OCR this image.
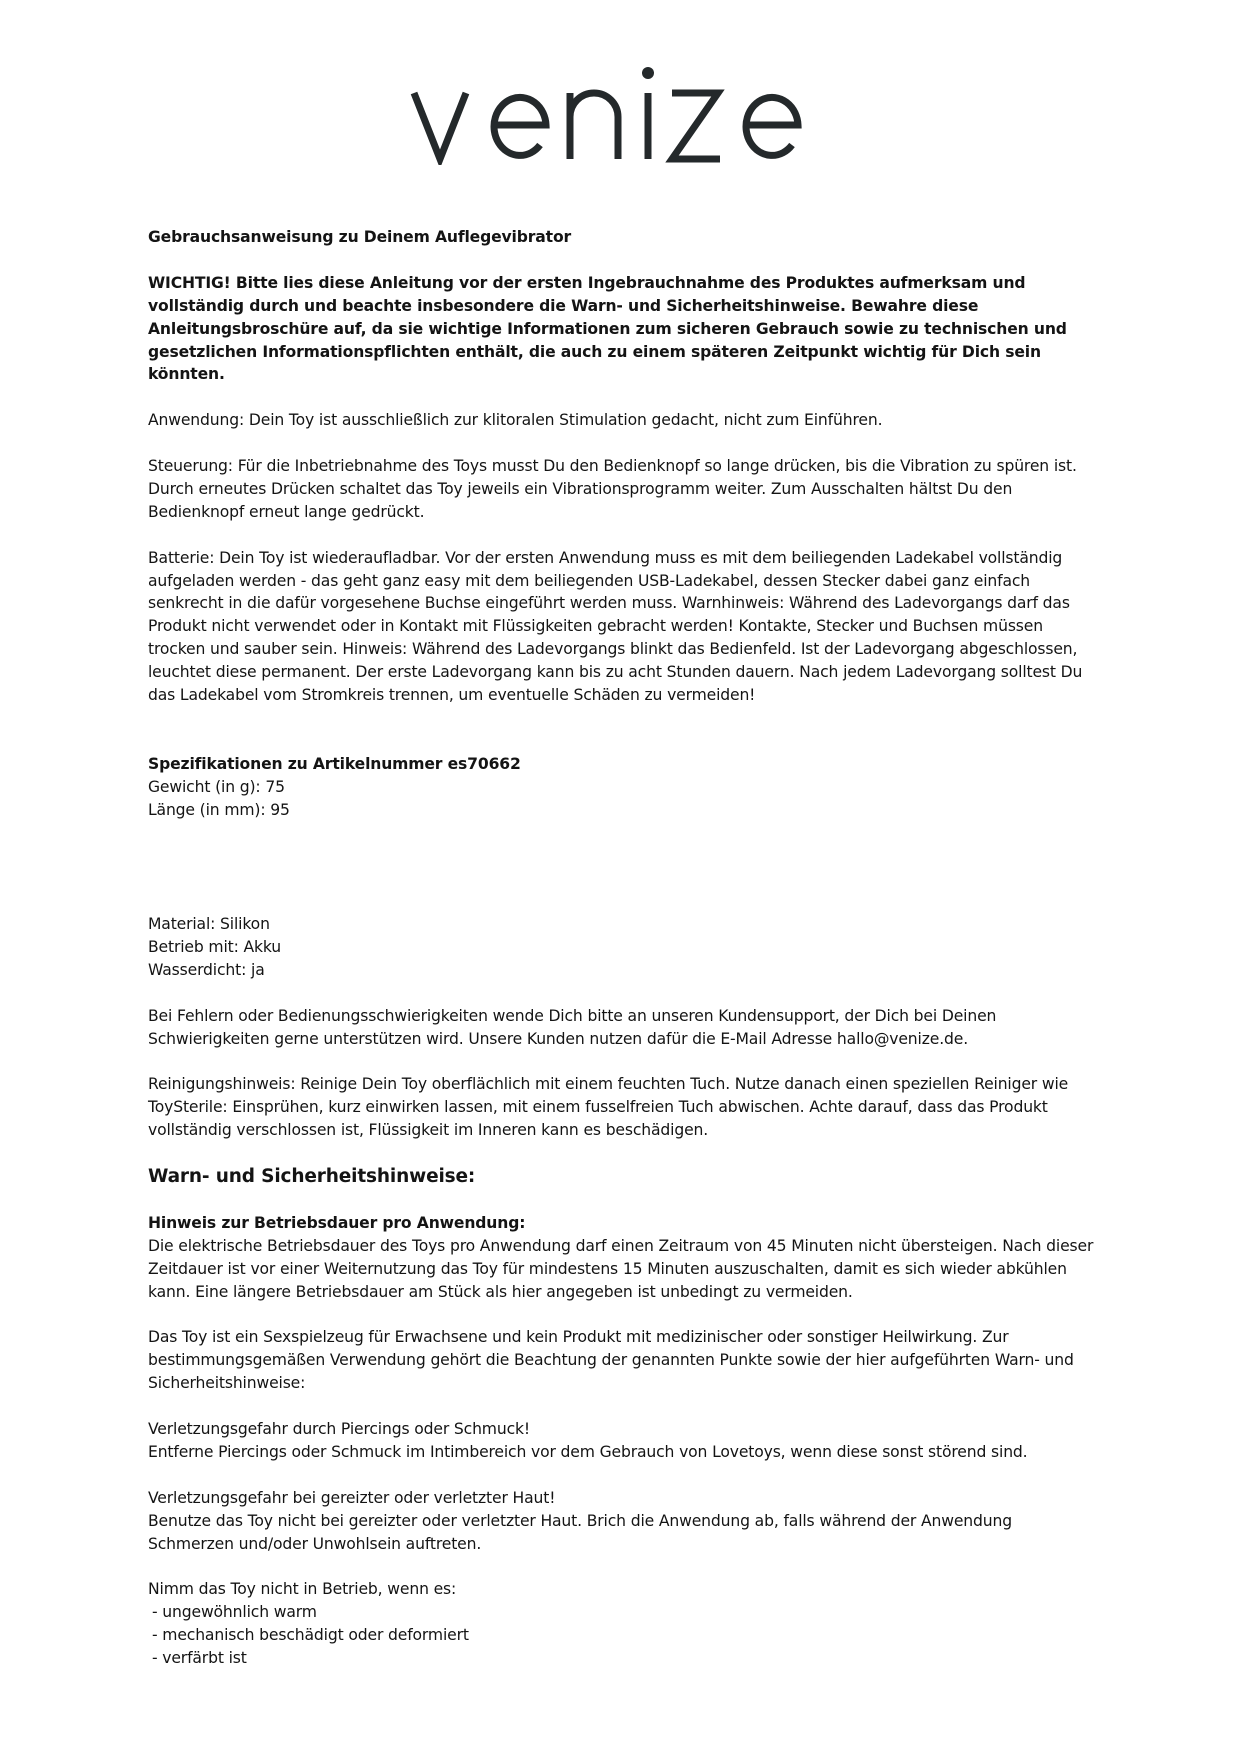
Gebrauchsanweisung zu Deinem Auflegevibrator

WICHTIG! Bitte lies diese Anleitung vor der ersten Ingebrauchnahme des Produktes aufmerksam und vollständig durch und beachte insbesondere die Warn- und Sicherheitshinweise. Bewahre diese Anleitungsbroschüre auf, da sie wichtige Informationen zum sicheren Gebrauch sowie zu technischen und gesetzlichen Informationspflichten enthält, die auch zu einem späteren Zeitpunkt wichtig für Dich sein könnten.

Anwendung: Dein Toy ist ausschließlich zur klitoralen Stimulation gedacht, nicht zum Einführen.

Steuerung: Für die Inbetriebnahme des Toys musst Du den Bedienknopf so lange drücken, bis die Vibration zu spüren ist. Durch erneutes Drücken schaltet das Toy jeweils ein Vibrationsprogramm weiter. Zum Ausschalten hältst Du den Bedienknopf erneut lange gedrückt.

Batterie: Dein Toy ist wiederaufladbar. Vor der ersten Anwendung muss es mit dem beiliegenden Ladekabel vollständig aufgeladen werden - das geht ganz easy mit dem beiliegenden USB-Ladekabel, dessen Stecker dabei ganz einfach senkrecht in die dafür vorgesehene Buchse eingeführt werden muss. Warnhinweis: Während des Ladevorgangs darf das Produkt nicht verwendet oder in Kontakt mit Flüssigkeiten gebracht werden! Kontakte, Stecker und Buchsen müssen trocken und sauber sein. Hinweis: Während des Ladevorgangs blinkt das Bedienfeld. Ist der Ladevorgang abgeschlossen, leuchtet diese permanent. Der erste Ladevorgang kann bis zu acht Stunden dauern. Nach jedem Ladevorgang solltest Du das Ladekabel vom Stromkreis trennen, um eventuelle Schäden zu vermeiden!

Spezifikationen zu Artikelnummer es70662

Gewicht (in g): 75

Länge (in mm): 95

Material: Silikon

Betrieb mit: Akku

Wasserdicht: ja

Bei Fehlern oder Bedienungsschwierigkeiten wende Dich bitte an unseren Kundensupport, der Dich bei Deinen Schwierigkeiten gerne unterstützen wird. Unsere Kunden nutzen dafür die E-Mail Adresse hallo@venize.de.

Reinigungshinweis: Reinige Dein Toy oberflächlich mit einem feuchten Tuch. Nutze danach einen speziellen Reiniger wie ToySterile: Einsprühen, kurz einwirken lassen, mit einem fusselfreien Tuch abwischen. Achte darauf, dass das Produkt vollständig verschlossen ist, Flüssigkeit im Inneren kann es beschädigen.

Warn- und Sicherheitshinweise:

Hinweis zur Betriebsdauer pro Anwendung:

Die elektrische Betriebsdauer des Toys pro Anwendung darf einen Zeitraum von 45 Minuten nicht übersteigen. Nach dieser Zeitdauer ist vor einer Weiternutzung das Toy für mindestens 15 Minuten auszuschalten, damit es sich wieder abkühlen kann. Eine längere Betriebsdauer am Stück als hier angegeben ist unbedingt zu vermeiden.

Das Toy ist ein Sexspielzeug für Erwachsene und kein Produkt mit medizinischer oder sonstiger Heilwirkung. Zur bestimmungsgemäßen Verwendung gehört die Beachtung der genannten Punkte sowie der hier aufgeführten Warn- und Sicherheitshinweise:

Verletzungsgefahr durch Piercings oder Schmuck!

Entferne Piercings oder Schmuck im Intimbereich vor dem Gebrauch von Lovetoys, wenn diese sonst störend sind.

Verletzungsgefahr bei gereizter oder verletzter Haut!

Benutze das Toy nicht bei gereizter oder verletzter Haut. Brich die Anwendung ab, falls während der Anwendung Schmerzen und/oder Unwohlsein auftreten.

Nimm das Toy nicht in Betrieb, wenn es:

- ungewöhnlich warm
- mechanisch beschädigt oder deformiert
- verfärbt ist
